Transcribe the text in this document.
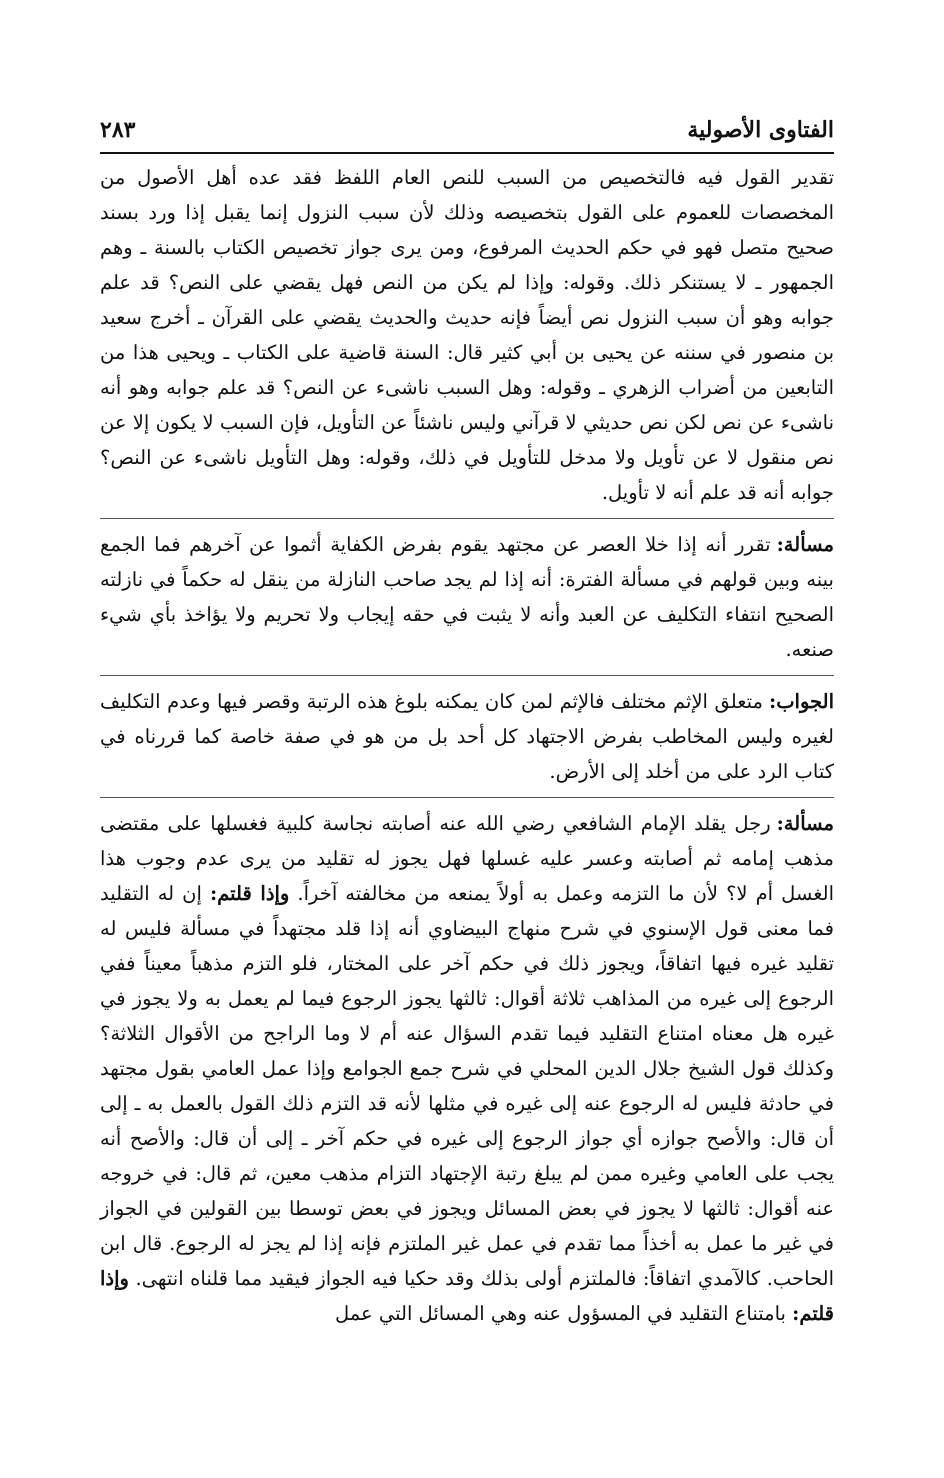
الفتاوى الأصولية
٢٨٣

تقدير القول فيه فالتخصيص من السبب للنص العام اللفظ فقد عده أهل الأصول من المخصصات للعموم على القول بتخصيصه وذلك لأن سبب النزول إنما يقبل إذا ورد بسند صحيح متصل فهو في حكم الحديث المرفوع، ومن يرى جواز تخصيص الكتاب بالسنة ـ وهم الجمهور ـ لا يستنكر ذلك. وقوله: وإذا لم يكن من النص فهل يقضي على النص؟ قد علم جوابه وهو أن سبب النزول نص أيضاً فإنه حديث والحديث يقضي على القرآن ـ أخرج سعيد بن منصور في سننه عن يحيى بن أبي كثير قال: السنة قاضية على الكتاب ـ ويحيى هذا من التابعين من أضراب الزهري ـ وقوله: وهل السبب ناشىء عن النص؟ قد علم جوابه وهو أنه ناشىء عن نص لكن نص حديثي لا قرآني وليس ناشئاً عن التأويل، فإن السبب لا يكون إلا عن نص منقول لا عن تأويل ولا مدخل للتأويل في ذلك، وقوله: وهل التأويل ناشىء عن النص؟ جوابه أنه قد علم أنه لا تأويل.

مسألة:تقرر أنه إذا خلا العصر عن مجتهد يقوم بفرض الكفاية أثموا عن آخرهم فما الجمع بينه وبين قولهم في مسألة الفترة: أنه إذا لم يجد صاحب النازلة من ينقل له حكماً في نازلته الصحيح انتفاء التكليف عن العبد وأنه لا يثبت في حقه إيجاب ولا تحريم ولا يؤاخذ بأي شيء صنعه.

الجواب:متعلق الإثم مختلف فالإثم لمن كان يمكنه بلوغ هذه الرتبة وقصر فيها وعدم التكليف لغيره وليس المخاطب بفرض الاجتهاد كل أحد بل من هو في صفة خاصة كما قررناه في كتاب الرد على من أخلد إلى الأرض.

مسألة:رجل يقلد الإمام الشافعي رضي الله عنه أصابته نجاسة كلبية فغسلها على مقتضى مذهب إمامه ثم أصابته وعسر عليه غسلها فهل يجوز له تقليد من يرى عدم وجوب هذا الغسل أم لا؟ لأن ما التزمه وعمل به أولاً يمنعه من مخالفته آخراً. وإذا قلتم: إن له التقليد فما معنى قول الإسنوي في شرح منهاج البيضاوي أنه إذا قلد مجتهداً في مسألة فليس له تقليد غيره فيها اتفاقاً، ويجوز ذلك في حكم آخر على المختار، فلو التزم مذهباً معيناً ففي الرجوع إلى غيره من المذاهب ثلاثة أقوال: ثالثها يجوز الرجوع فيما لم يعمل به ولا يجوز في غيره هل معناه امتناع التقليد فيما تقدم السؤال عنه أم لا وما الراجح من الأقوال الثلاثة؟ وكذلك قول الشيخ جلال الدين المحلي في شرح جمع الجوامع وإذا عمل العامي بقول مجتهد في حادثة فليس له الرجوع عنه إلى غيره في مثلها لأنه قد التزم ذلك القول بالعمل به ـ إلى أن قال: والأصح جوازه أي جواز الرجوع إلى غيره في حكم آخر ـ إلى أن قال: والأصح أنه يجب على العامي وغيره ممن لم يبلغ رتبة الإجتهاد التزام مذهب معين، ثم قال: في خروجه عنه أقوال: ثالثها لا يجوز في بعض المسائل ويجوز في بعض توسطا بين القولين في الجواز في غير ما عمل به أخذاً مما تقدم في عمل غير الملتزم فإنه إذا لم يجز له الرجوع. قال ابن الحاحب. كالآمدي اتفاقاً: فالملتزم أولى بذلك وقد حكيا فيه الجواز فيقيد مما قلناه انتهى. وإذا قلتم: بامتناع التقليد في المسؤول عنه وهي المسائل التي عمل
